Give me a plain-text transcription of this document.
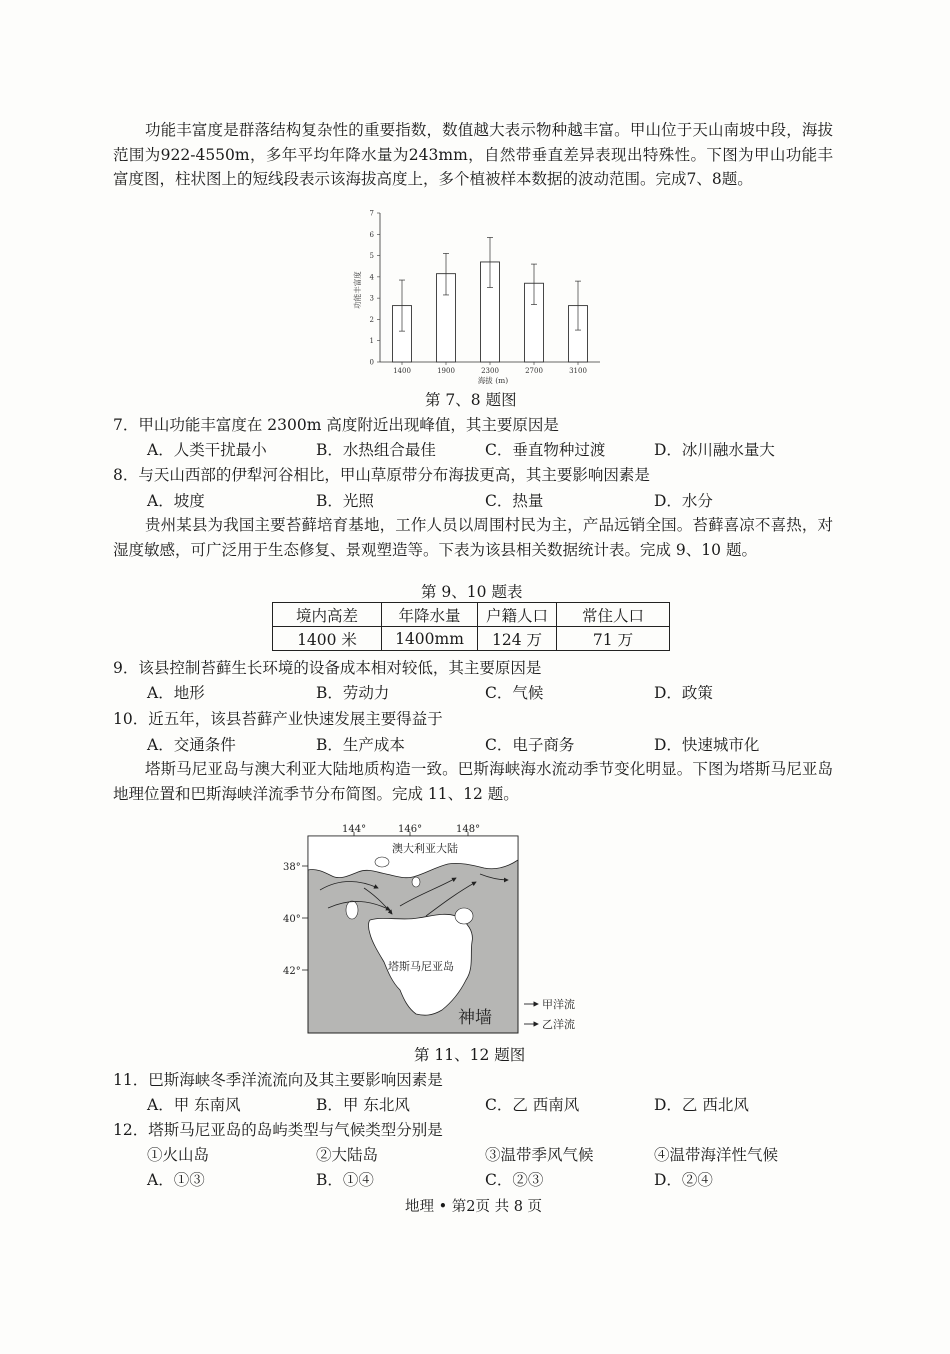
功能丰富度是群落结构复杂性的重要指数，数值越大表示物种越丰富。甲山位于天山南坡中段，海拔范围为922-4550m，多年平均年降水量为243mm，自然带垂直差异表现出特殊性。下图为甲山功能丰富度图，柱状图上的短线段表示该海拔高度上，多个植被样本数据的波动范围。完成7、8题。
0
1
2
3
4
5
6
7
1400	1900	2300	2700	3100
功能丰富度
海拔 (m)
第 7、8 题图
7．甲山功能丰富度在 2300m 高度附近出现峰值，其主要原因是
A．人类干扰最小	B．水热组合最佳	C．垂直物种过渡	D．冰川融水量大
8．与天山西部的伊犁河谷相比，甲山草原带分布海拔更高，其主要影响因素是
A．坡度	B．光照	C．热量	D．水分
贵州某县为我国主要苔藓培育基地，工作人员以周围村民为主，产品远销全国。苔藓喜凉不喜热，对湿度敏感，可广泛用于生态修复、景观塑造等。下表为该县相关数据统计表。完成 9、10 题。
第 9、10 题表
境内高差	年降水量	户籍人口	常住人口
1400 米	1400mm	124 万	71 万
9．该县控制苔藓生长环境的设备成本相对较低，其主要原因是
A．地形	B．劳动力	C．气候	D．政策
10．近五年，该县苔藓产业快速发展主要得益于
A．交通条件	B．生产成本	C．电子商务	D．快速城市化
塔斯马尼亚岛与澳大利亚大陆地质构造一致。巴斯海峡海水流动季节变化明显。下图为塔斯马尼亚岛地理位置和巴斯海峡洋流季节分布简图。完成 11、12 题。
144°	146°	148°
38°
40°
42°
澳大利亚大陆
塔斯马尼亚岛
神墙
甲洋流
乙洋流
第 11、12 题图
11．巴斯海峡冬季洋流流向及其主要影响因素是
A．甲 东南风	B．甲 东北风	C．乙 西南风	D．乙 西北风
12．塔斯马尼亚岛的岛屿类型与气候类型分别是
①火山岛	②大陆岛	③温带季风气候	④温带海洋性气候
A．①③	B．①④	C．②③	D．②④
地理 • 第2页 共 8 页
